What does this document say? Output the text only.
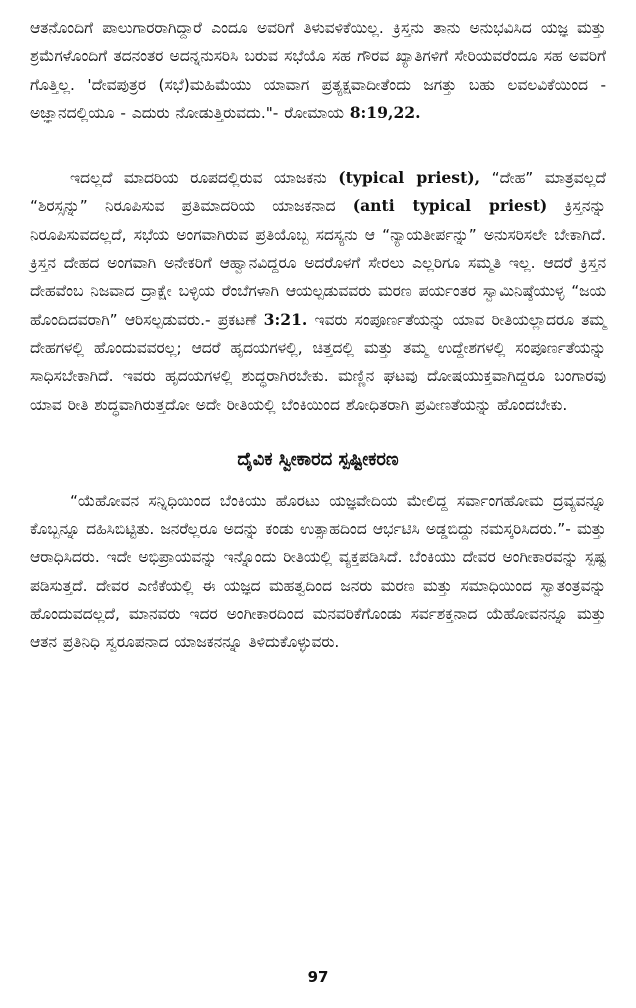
ಆತನೊಂದಿಗೆ ಪಾಲುಗಾರರಾಗಿದ್ದಾರೆ ಎಂದೂ ಅವರಿಗೆ ತಿಳುವಳಿಕೆಯಿಲ್ಲ. ಕ್ರಿಸ್ತನು ತಾನು ಅನುಭವಿಸಿದ ಯಜ್ಞ ಮತ್ತು ಶ್ರಮೆಗಳೊಂದಿಗೆ ತದನಂತರ ಅದನ್ನನುಸರಿಸಿ ಬರುವ ಸಭೆಯೊ ಸಹ ಗೌರವ ಖ್ಯಾತಿಗಳಿಗೆ ಸೇರಿಯವರೆಂದೂ ಸಹ ಅವರಿಗೆ ಗೊತ್ತಿಲ್ಲ. 'ದೇವಪುತ್ರರ (ಸಭೆ)ಮಹಿಮೆಯು ಯಾವಾಗ ಪ್ರತ್ಯಕ್ಷವಾದೀತೆಂದು ಜಗತ್ತು ಬಹು ಲವಲವಿಕೆಯಿಂದ - ಅಜ್ಞಾನದಲ್ಲಿಯೂ - ಎದುರು ನೋಡುತ್ತಿರುವದು."- ರೋಮಾಯ 8:19,22.

ಇದಲ್ಲದೆ ಮಾದರಿಯ ರೂಪದಲ್ಲಿರುವ ಯಾಜಕನು (typical priest), “ದೇಹ” ಮಾತ್ರವಲ್ಲದೆ “ಶಿರಸ್ಸನ್ನು” ನಿರೂಪಿಸುವ ಪ್ರತಿಮಾದರಿಯ ಯಾಜಕನಾದ (anti typical priest) ಕ್ರಿಸ್ತನನ್ನು ನಿರೂಪಿಸುವದಲ್ಲದೆ, ಸಭೆಯ ಅಂಗವಾಗಿರುವ ಪ್ರತಿಯೊಬ್ಬ ಸದಸ್ಯನು ಆ “ನ್ಯಾಯತೀರ್ಪನ್ನು” ಅನುಸರಿಸಲೇ ಬೇಕಾಗಿದೆ. ಕ್ರಿಸ್ತನ ದೇಹದ ಅಂಗವಾಗಿ ಅನೇಕರಿಗೆ ಆಹ್ವಾನವಿದ್ದರೂ ಅದರೊಳಗೆ ಸೇರಲು ಎಲ್ಲರಿಗೂ ಸಮ್ಮತಿ ಇಲ್ಲ. ಆದರೆ ಕ್ರಿಸ್ತನ ದೇಹವೆಂಬ ನಿಜವಾದ ದ್ರಾಕ್ಷೇ ಬಳ್ಳಿಯ ರೆಂಬೆಗಳಾಗಿ ಆಯಲ್ಪಡುವವರು ಮರಣ ಪರ್ಯಂತರ ಸ್ವಾಮಿನಿಷ್ಠೆಯುಳ್ಳ “ಜಯ ಹೊಂದಿದವರಾಗಿ” ಆರಿಸಲ್ಪಡುವರು.- ಪ್ರಕಟಣೆ 3:21. ಇವರು ಸಂಪೂರ್ಣತೆಯನ್ನು ಯಾವ ರೀತಿಯಲ್ಲಾದರೂ ತಮ್ಮ ದೇಹಗಳಲ್ಲಿ ಹೊಂದುವವರಲ್ಲ; ಆದರೆ ಹೃದಯಗಳಲ್ಲಿ, ಚಿತ್ತದಲ್ಲಿ ಮತ್ತು ತಮ್ಮ ಉದ್ದೇಶಗಳಲ್ಲಿ ಸಂಪೂರ್ಣತೆಯನ್ನು ಸಾಧಿಸಬೇಕಾಗಿದೆ. ಇವರು ಹೃದಯಗಳಲ್ಲಿ ಶುದ್ಧರಾಗಿರಬೇಕು. ಮಣ್ಣಿನ ಘಟವು ದೋಷಯುಕ್ತವಾಗಿದ್ದರೂ ಬಂಗಾರವು ಯಾವ ರೀತಿ ಶುದ್ಧವಾಗಿರುತ್ತದೋ ಅದೇ ರೀತಿಯಲ್ಲಿ ಬೆಂಕಿಯಿಂದ ಶೋಧಿತರಾಗಿ ಪ್ರವೀಣತೆಯನ್ನು ಹೊಂದಬೇಕು.

ದೈವಿಕ ಸ್ವೀಕಾರದ ಸ್ಪಷ್ಟೀಕರಣ

“ಯೆಹೋವನ ಸನ್ನಿಧಿಯಿಂದ ಬೆಂಕಿಯು ಹೊರಟು ಯಜ್ಞವೇದಿಯ ಮೇಲಿದ್ದ ಸರ್ವಾಂಗಹೋಮ ದ್ರವ್ಯವನ್ನೂ ಕೊಬ್ಬನ್ನೂ ದಹಿಸಿಬಿಟ್ಟಿತು. ಜನರೆಲ್ಲರೂ ಅದನ್ನು ಕಂಡು ಉತ್ಸಾಹದಿಂದ ಆರ್ಭಟಿಸಿ ಅಡ್ಡಬಿದ್ದು ನಮಸ್ಕರಿಸಿದರು.”- ಮತ್ತು ಆರಾಧಿಸಿದರು. ಇದೇ ಅಭಿಪ್ರಾಯವನ್ನು ಇನ್ನೊಂದು ರೀತಿಯಲ್ಲಿ ವ್ಯಕ್ತಪಡಿಸಿದೆ. ಬೆಂಕಿಯು ದೇವರ ಅಂಗೀಕಾರವನ್ನು ಸ್ಪಷ್ಟ ಪಡಿಸುತ್ತದೆ. ದೇವರ ಎಣಿಕೆಯಲ್ಲಿ ಈ ಯಜ್ಞದ ಮಹತ್ವದಿಂದ ಜನರು ಮರಣ ಮತ್ತು ಸಮಾಧಿಯಿಂದ ಸ್ವಾತಂತ್ರವನ್ನು ಹೊಂದುವದಲ್ಲದೆ, ಮಾನವರು ಇದರ ಅಂಗೀಕಾರದಿಂದ ಮನವರಿಕೆಗೊಂಡು ಸರ್ವಶಕ್ತನಾದ ಯೆಹೋವನನ್ನೂ ಮತ್ತು ಆತನ ಪ್ರತಿನಿಧಿ ಸ್ವರೂಪನಾದ ಯಾಜಕನನ್ನೂ ತಿಳಿದುಕೊಳ್ಳುವರು.

97
